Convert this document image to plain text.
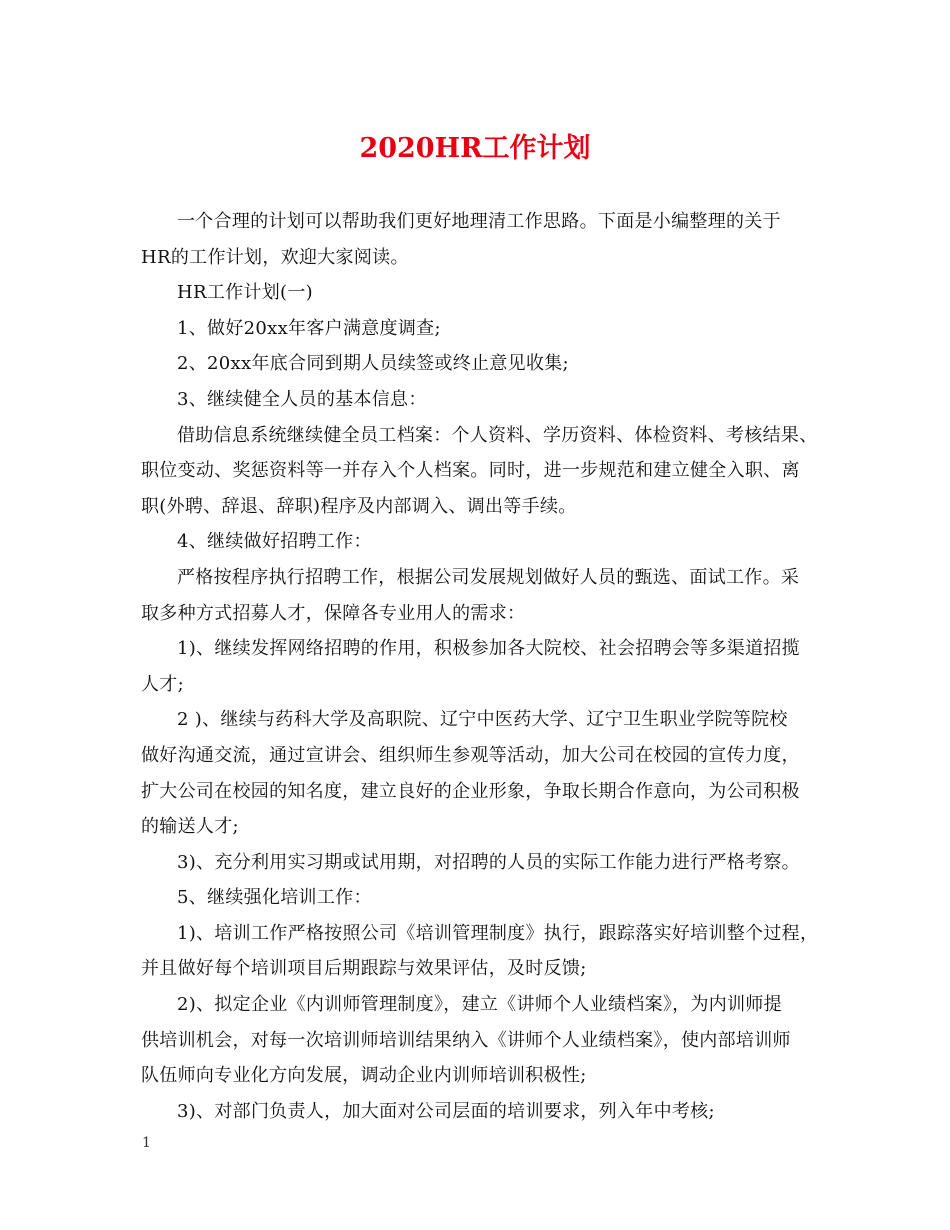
2020HR工作计划
一个合理的计划可以帮助我们更好地理清工作思路。下面是小编整理的关于
HR的工作计划，欢迎大家阅读。
HR工作计划(一)
1、做好20xx年客户满意度调查;
2、20xx年底合同到期人员续签或终止意见收集;
3、继续健全人员的基本信息：
借助信息系统继续健全员工档案：个人资料、学历资料、体检资料、考核结果、
职位变动、奖惩资料等一并存入个人档案。同时，进一步规范和建立健全入职、离
职(外聘、辞退、辞职)程序及内部调入、调出等手续。
4、继续做好招聘工作：
严格按程序执行招聘工作，根据公司发展规划做好人员的甄选、面试工作。采
取多种方式招募人才，保障各专业用人的需求：
1)、继续发挥网络招聘的作用，积极参加各大院校、社会招聘会等多渠道招揽
人才;
2 )、继续与药科大学及高职院、辽宁中医药大学、辽宁卫生职业学院等院校
做好沟通交流，通过宣讲会、组织师生参观等活动，加大公司在校园的宣传力度，
扩大公司在校园的知名度，建立良好的企业形象，争取长期合作意向，为公司积极
的输送人才;
3)、充分利用实习期或试用期，对招聘的人员的实际工作能力进行严格考察。
5、继续强化培训工作：
1)、培训工作严格按照公司《培训管理制度》执行，跟踪落实好培训整个过程，
并且做好每个培训项目后期跟踪与效果评估，及时反馈;
2)、拟定企业《内训师管理制度》，建立《讲师个人业绩档案》，为内训师提
供培训机会，对每一次培训师培训结果纳入《讲师个人业绩档案》，使内部培训师
队伍师向专业化方向发展，调动企业内训师培训积极性;
3)、对部门负责人，加大面对公司层面的培训要求，列入年中考核;
1
